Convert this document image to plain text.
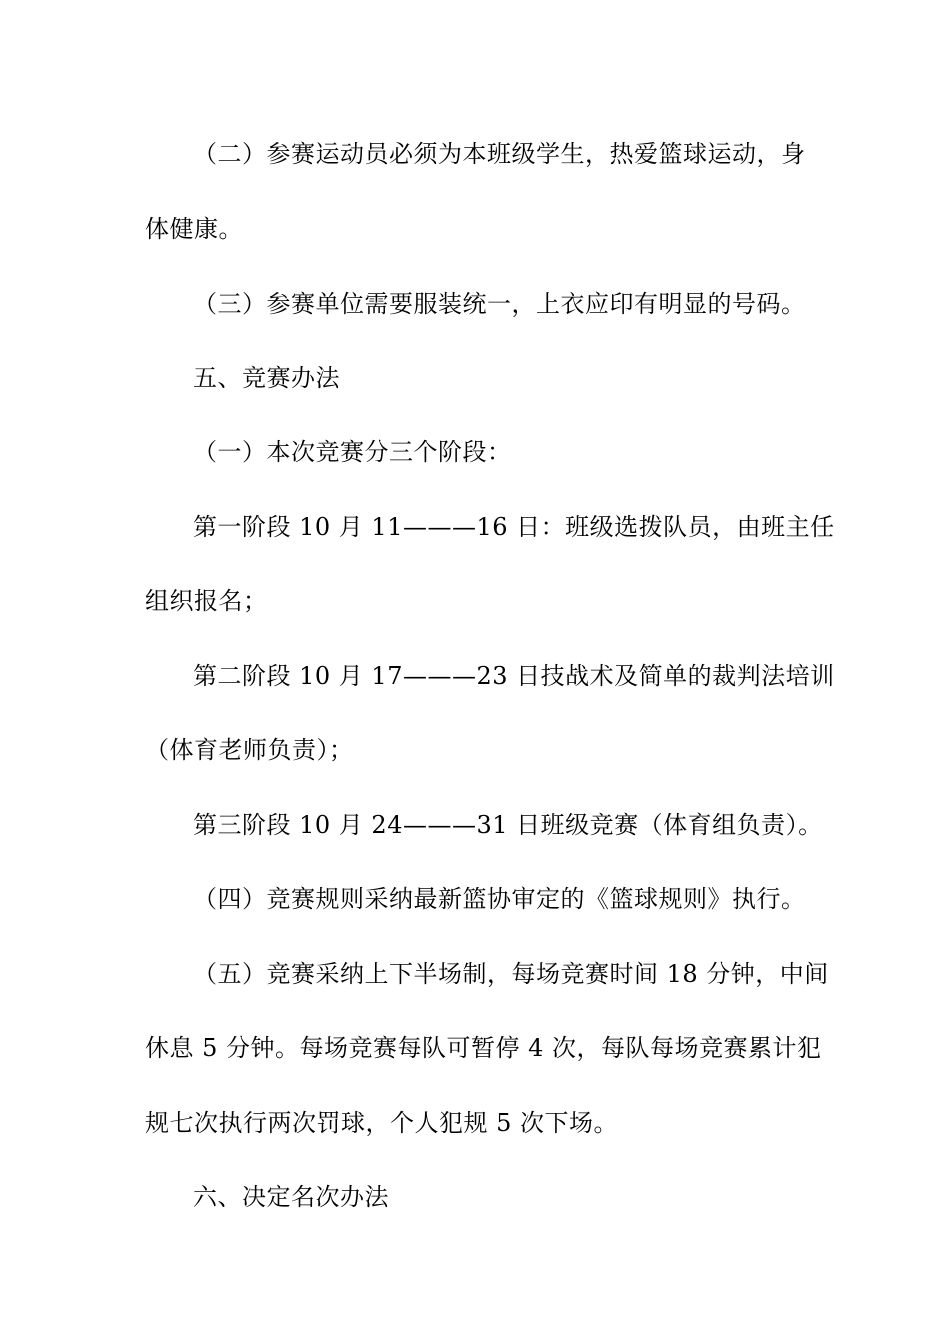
（二）参赛运动员必须为本班级学生，热爱篮球运动，身
体健康。
（三）参赛单位需要服装统一，上衣应印有明显的号码。
五、竞赛办法
（一）本次竞赛分三个阶段：
第一阶段 10 月 11———16 日：班级选拨队员，由班主任
组织报名；
第二阶段 10 月 17———23 日技战术及简单的裁判法培训
（体育老师负责）；
第三阶段 10 月 24———31 日班级竞赛（体育组负责）。
（四）竞赛规则采纳最新篮协审定的《篮球规则》执行。
（五）竞赛采纳上下半场制，每场竞赛时间 18 分钟，中间
休息 5 分钟。每场竞赛每队可暂停 4 次，每队每场竞赛累计犯
规七次执行两次罚球，个人犯规 5 次下场。
六、决定名次办法
